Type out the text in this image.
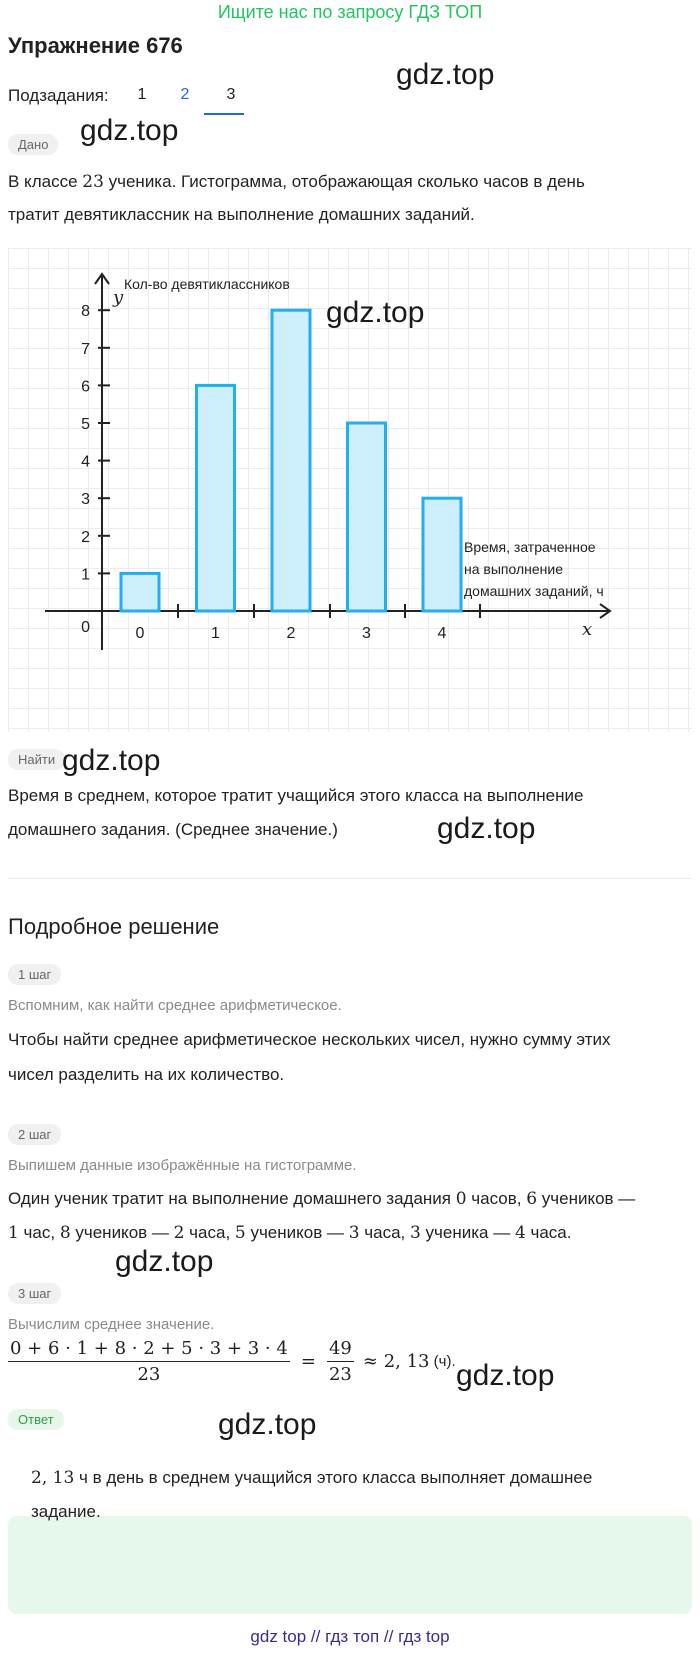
Ищите нас по запросу ГДЗ ТОП
Упражнение 676
Подзадания:	1	2	3
gdz.top
Дано	gdz.top
В классе 23 ученика. Гистограмма, отображающая сколько часов в день
тратит девятиклассник на выполнение домашних заданий.
1
2
3
4
5
6
7
8
0	1	2	3	4
0
y
x
Кол-во девятиклассников
Время, затраченное
на выполнение
домашних заданий, ч
gdz.top
Найти gdz.top
Время в среднем, которое тратит учащийся этого класса на выполнение
домашнего задания. (Среднее значение.)	gdz.top
Подробное решение
1 шаг
Вспомним, как найти среднее арифметическое.
Чтобы найти среднее арифметическое нескольких чисел, нужно сумму этих
чисел разделить на их количество.
2 шаг
Выпишем данные изображённые на гистограмме.
Один ученик тратит на выполнение домашнего задания 0 часов, 6 учеников —
1 час, 8 учеников — 2 часа, 5 учеников — 3 часа, 3 ученика — 4 часа.
gdz.top
3 шаг
Вычислим среднее значение.
$\frac{0 + 6 \cdot 1 + 8 \cdot 2 + 5 \cdot 3 + 3 \cdot 4}{23} = \frac{49}{23} \approx 2$, 13 (ч). gdz.top
Ответ	gdz.top
2, 13 ч в день в среднем учащийся этого класса выполняет домашнее
задание.
gdz top // гдз топ // гдз top
